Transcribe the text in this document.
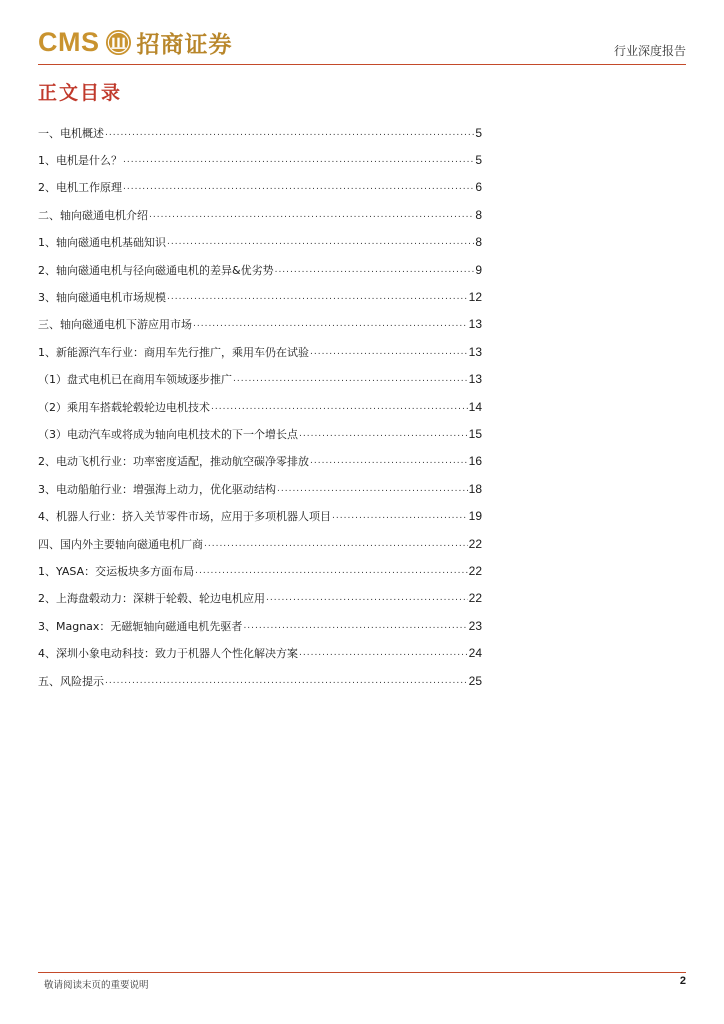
CMS 招商证券	行业深度报告
正文目录
一、电机概述 .....	5
1、电机是什么？ .....	5
2、电机工作原理 .....	6
二、轴向磁通电机介绍 .....	8
1、轴向磁通电机基础知识 .....	8
2、轴向磁通电机与径向磁通电机的差异&优劣势 .....	9
3、轴向磁通电机市场规模 .....	12
三、轴向磁通电机下游应用市场 .....	13
1、新能源汽车行业：商用车先行推广，乘用车仍在试验 .....	13
（1）盘式电机已在商用车领域逐步推广 .....	13
（2）乘用车搭载轮毂轮边电机技术 .....	14
（3）电动汽车或将成为轴向电机技术的下一个增长点 .....	15
2、电动飞机行业：功率密度适配，推动航空碳净零排放 .....	16
3、电动船舶行业：增强海上动力，优化驱动结构 .....	18
4、机器人行业：挤入关节零件市场，应用于多项机器人项目 .....	19
四、国内外主要轴向磁通电机厂商 .....	22
1、YASA：交运板块多方面布局 .....	22
2、上海盘毂动力：深耕于轮毂、轮边电机应用 .....	22
3、Magnax：无磁轭轴向磁通电机先驱者 .....	23
4、深圳小象电动科技：致力于机器人个性化解决方案 .....	24
五、风险提示 .....	25
敬请阅读末页的重要说明	2
